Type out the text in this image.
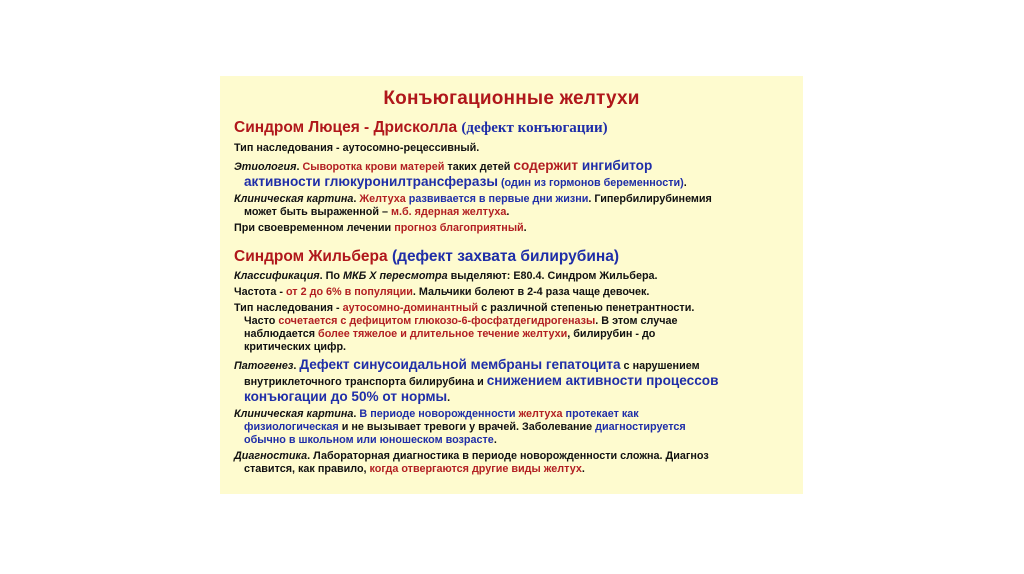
Конъюгационные желтухи
Синдром Люцея - Дрисколла (дефект конъюгации)
Тип наследования - аутосомно-рецессивный.
Этиология. Сыворотка крови матерей таких детей содержит ингибитор
активности глюкуронилтрансферазы (один из гормонов беременности).
Клиническая картина. Желтуха развивается в первые дни жизни. Гипербилирубинемия
может быть выраженной – м.б. ядерная желтуха.
При своевременном лечении прогноз благоприятный.
Синдром Жильбера (дефект захвата билирубина)
Классификация. По МКБ X пересмотра выделяют: E80.4. Синдром Жильбера.
Частота - от 2 до 6% в популяции. Мальчики болеют в 2-4 раза чаще девочек.
Тип наследования - аутосомно-доминантный с различной степенью пенетрантности.
Часто сочетается с дефицитом глюкозо-6-фосфатдегидрогеназы. В этом случае
наблюдается более тяжелое и длительное течение желтухи, билирубин - до
критических цифр.
Патогенез. Дефект синусоидальной мембраны гепатоцита с нарушением
внутриклеточного транспорта билирубина и снижением активности процессов
конъюгации до 50% от нормы.
Клиническая картина. В периоде новорожденности желтуха протекает как
физиологическая и не вызывает тревоги у врачей. Заболевание диагностируется
обычно в школьном или юношеском возрасте.
Диагностика. Лабораторная диагностика в периоде новорожденности сложна. Диагноз
ставится, как правило, когда отвергаются другие виды желтух.
